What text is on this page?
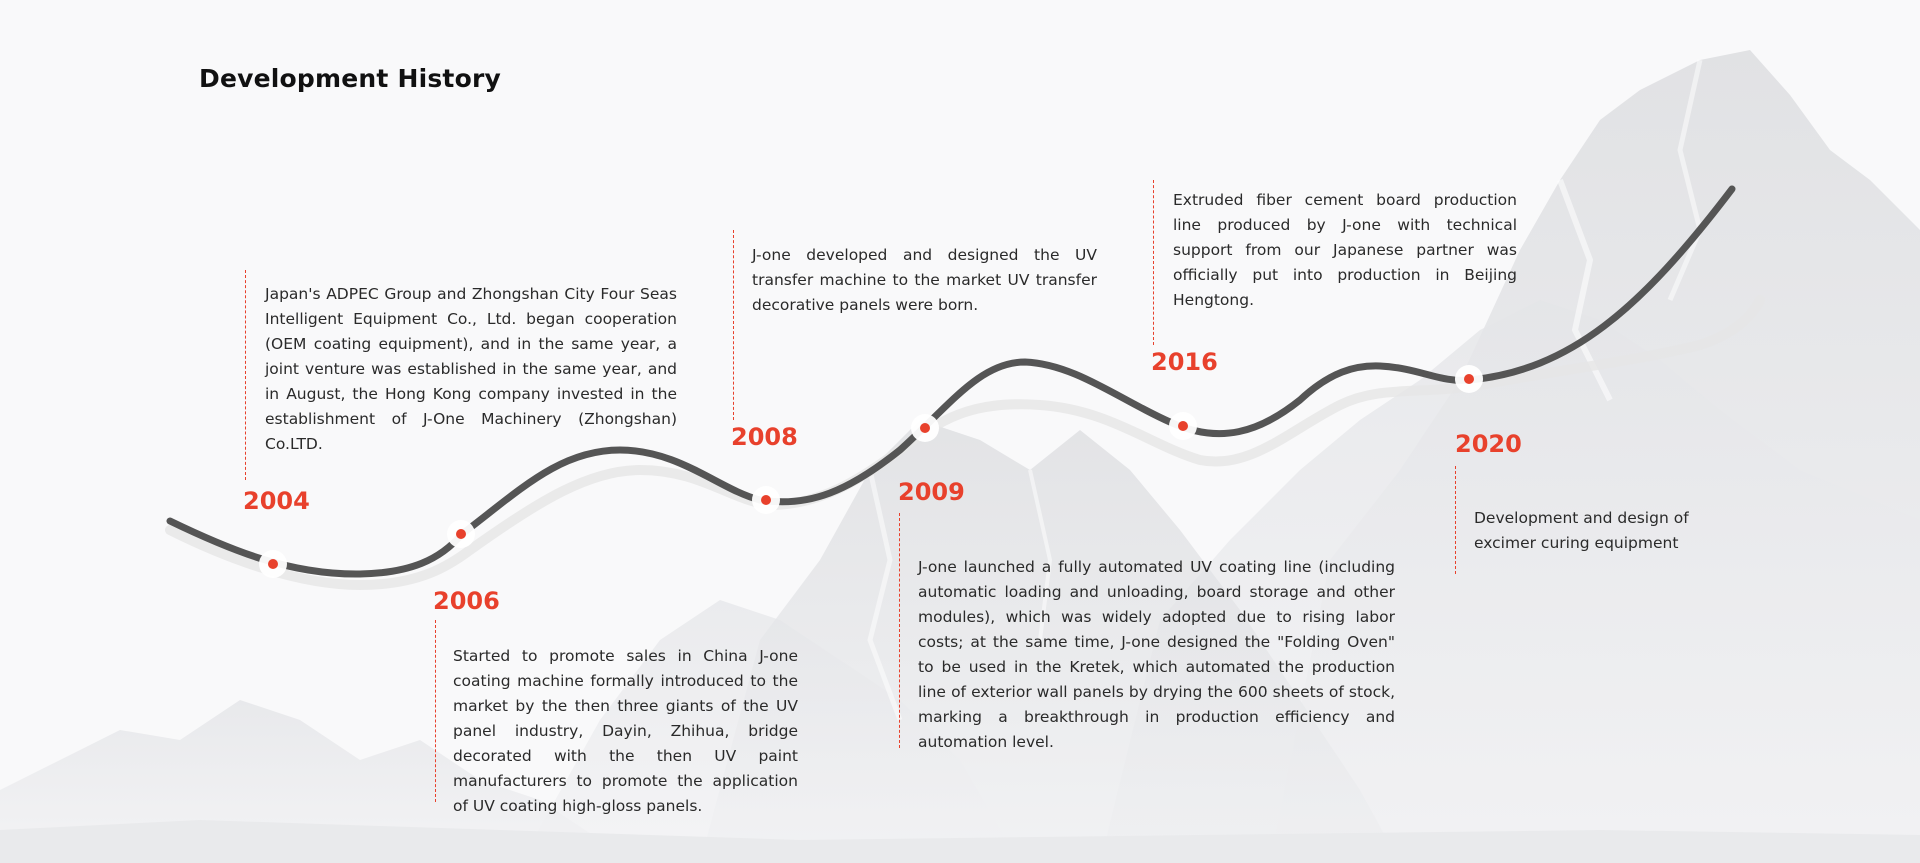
Development History
2004

Japan's ADPEC Group and Zhongshan City Four Seas Intelligent Equipment Co., Ltd. began cooperation (OEM coating equipment), and in the same year, a joint venture was established in the same year, and in August, the Hong Kong company invested in the establishment of J-One Machinery (Zhongshan) Co.LTD.

2006

Started to promote sales in China J-one coating machine formally introduced to the market by the then three giants of the UV panel industry, Dayin, Zhihua, bridge decorated with the then UV paint manufacturers to promote the application of UV coating high-gloss panels.

2008

J-one developed and designed the UV transfer machine to the market UV transfer decorative panels were born.

2009

J-one launched a fully automated UV coating line (including automatic loading and unloading, board storage and other modules), which was widely adopted due to rising labor costs; at the same time, J-one designed the "Folding Oven" to be used in the Kretek, which automated the production line of exterior wall panels by drying the 600 sheets of stock, marking a breakthrough in production efficiency and automation level.

2016

Extruded fiber cement board production line produced by J-one with technical support from our Japanese partner was officially put into production in Beijing Hengtong.

2020

Development and design of excimer curing equipment
